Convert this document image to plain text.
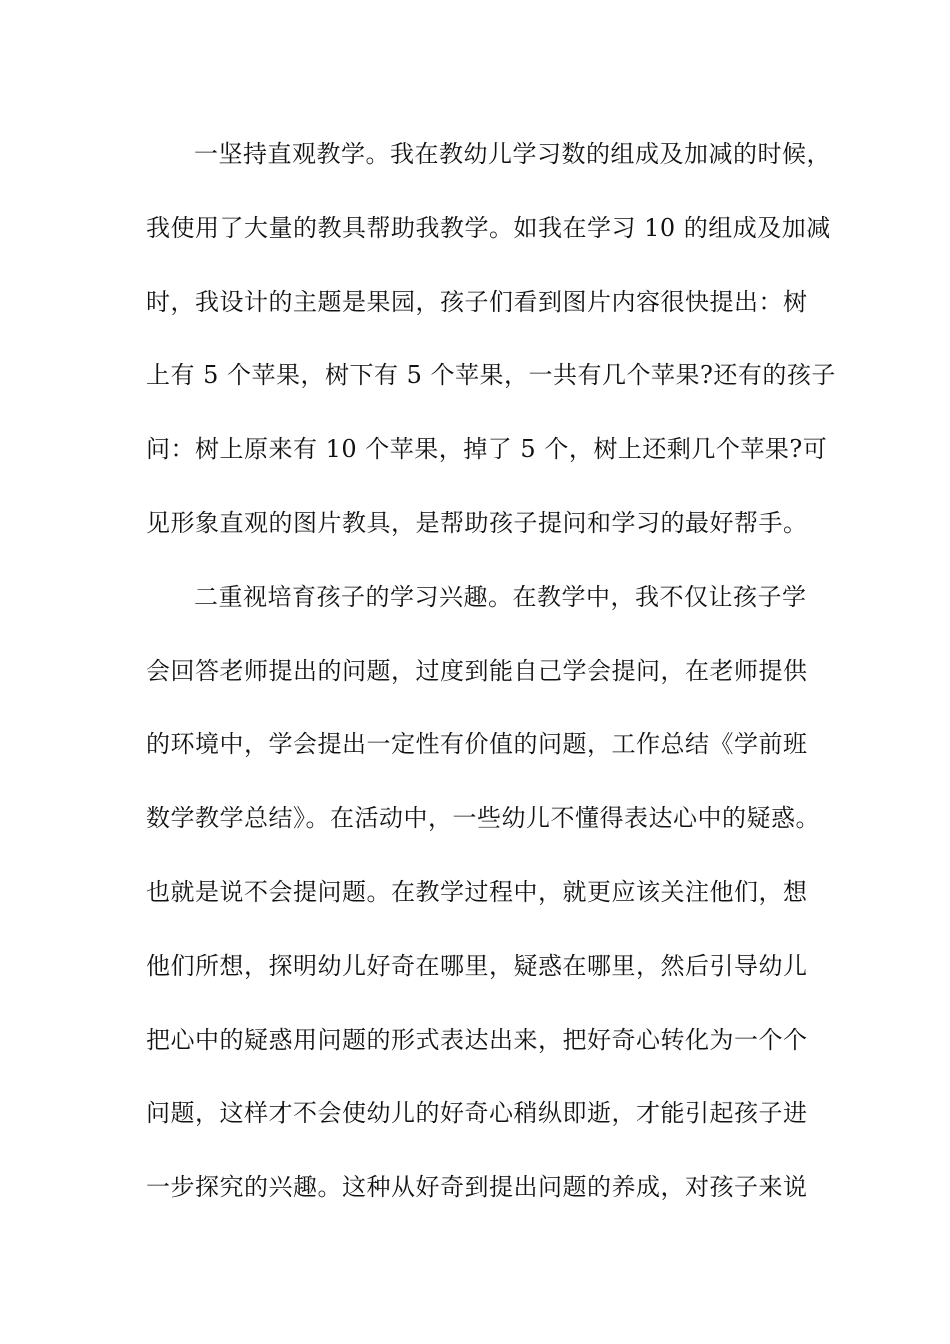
一坚持直观教学。我在教幼儿学习数的组成及加减的时候，
我使用了大量的教具帮助我教学。如我在学习 10 的组成及加减
时，我设计的主题是果园，孩子们看到图片内容很快提出：树
上有 5 个苹果，树下有 5 个苹果，一共有几个苹果?还有的孩子
问：树上原来有 10 个苹果，掉了 5 个，树上还剩几个苹果?可
见形象直观的图片教具，是帮助孩子提问和学习的最好帮手。
二重视培育孩子的学习兴趣。在教学中，我不仅让孩子学
会回答老师提出的问题，过度到能自己学会提问，在老师提供
的环境中，学会提出一定性有价值的问题，工作总结《学前班
数学教学总结》。在活动中，一些幼儿不懂得表达心中的疑惑。
也就是说不会提问题。在教学过程中，就更应该关注他们，想
他们所想，探明幼儿好奇在哪里，疑惑在哪里，然后引导幼儿
把心中的疑惑用问题的形式表达出来，把好奇心转化为一个个
问题，这样才不会使幼儿的好奇心稍纵即逝，才能引起孩子进
一步探究的兴趣。这种从好奇到提出问题的养成，对孩子来说
